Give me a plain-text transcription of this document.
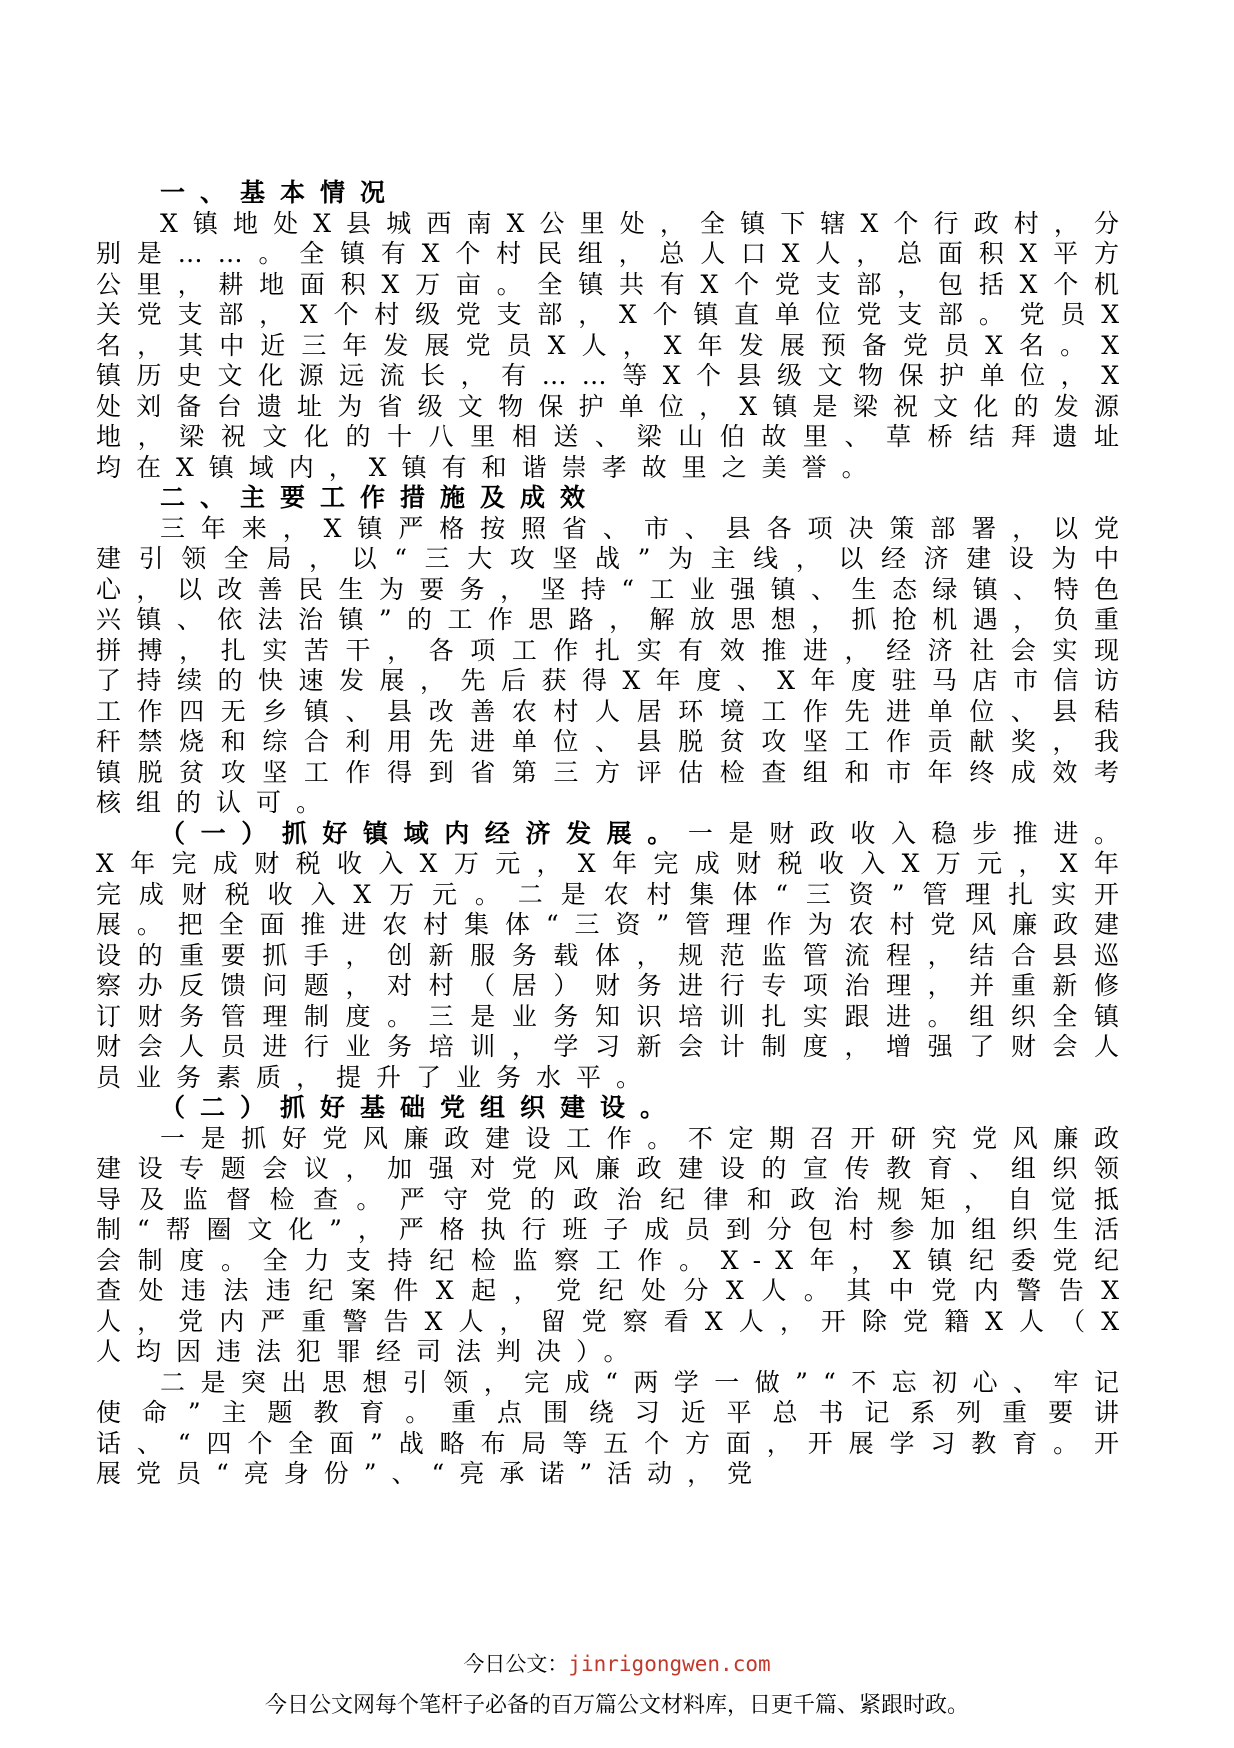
一、基本情况

X镇地处X县城西南X公里处，全镇下辖X个行政村，分别是……。全镇有X个村民组，总人口X人，总面积X平方公里，耕地面积X万亩。全镇共有X个党支部，包括X个机关党支部，X个村级党支部，X个镇直单位党支部。党员X名，其中近三年发展党员X人，X年发展预备党员X名。X镇历史文化源远流长，有……等X个县级文物保护单位，X处刘备台遗址为省级文物保护单位，X镇是梁祝文化的发源地，梁祝文化的十八里相送、梁山伯故里、草桥结拜遗址均在X镇域内，X镇有和谐崇孝故里之美誉。

二、主要工作措施及成效

三年来，X镇严格按照省、市、县各项决策部署，以党建引领全局，以“三大攻坚战”为主线，以经济建设为中心，以改善民生为要务，坚持“工业强镇、生态绿镇、特色兴镇、依法治镇”的工作思路，解放思想，抓抢机遇，负重拼搏，扎实苦干，各项工作扎实有效推进，经济社会实现了持续的快速发展，先后获得X年度、X年度驻马店市信访工作四无乡镇、县改善农村人居环境工作先进单位、县秸秆禁烧和综合利用先进单位、县脱贫攻坚工作贡献奖，我镇脱贫攻坚工作得到省第三方评估检查组和市年终成效考核组的认可。

（一）抓好镇域内经济发展。一是财政收入稳步推进。X年完成财税收入X万元，X年完成财税收入X万元，X年完成财税收入X万元。二是农村集体“三资”管理扎实开展。把全面推进农村集体“三资”管理作为农村党风廉政建设的重要抓手，创新服务载体，规范监管流程，结合县巡察办反馈问题，对村（居）财务进行专项治理，并重新修订财务管理制度。三是业务知识培训扎实跟进。组织全镇财会人员进行业务培训，学习新会计制度，增强了财会人员业务素质，提升了业务水平。

（二）抓好基础党组织建设。

一是抓好党风廉政建设工作。不定期召开研究党风廉政建设专题会议，加强对党风廉政建设的宣传教育、组织领导及监督检查。严守党的政治纪律和政治规矩，自觉抵制“帮圈文化”，严格执行班子成员到分包村参加组织生活会制度。全力支持纪检监察工作。X-X年，X镇纪委党纪查处违法违纪案件X起，党纪处分X人。其中党内警告X人，党内严重警告X人，留党察看X人，开除党籍X人（X人均因违法犯罪经司法判决）。

二是突出思想引领，完成“两学一做”“不忘初心、牢记使命”主题教育。重点围绕习近平总书记系列重要讲话、“四个全面”战略布局等五个方面，开展学习教育。开展党员“亮身份”、“亮承诺”活动，党

今日公文：jinrigongwen.com
今日公文网每个笔杆子必备的百万篇公文材料库，日更千篇、紧跟时政。
